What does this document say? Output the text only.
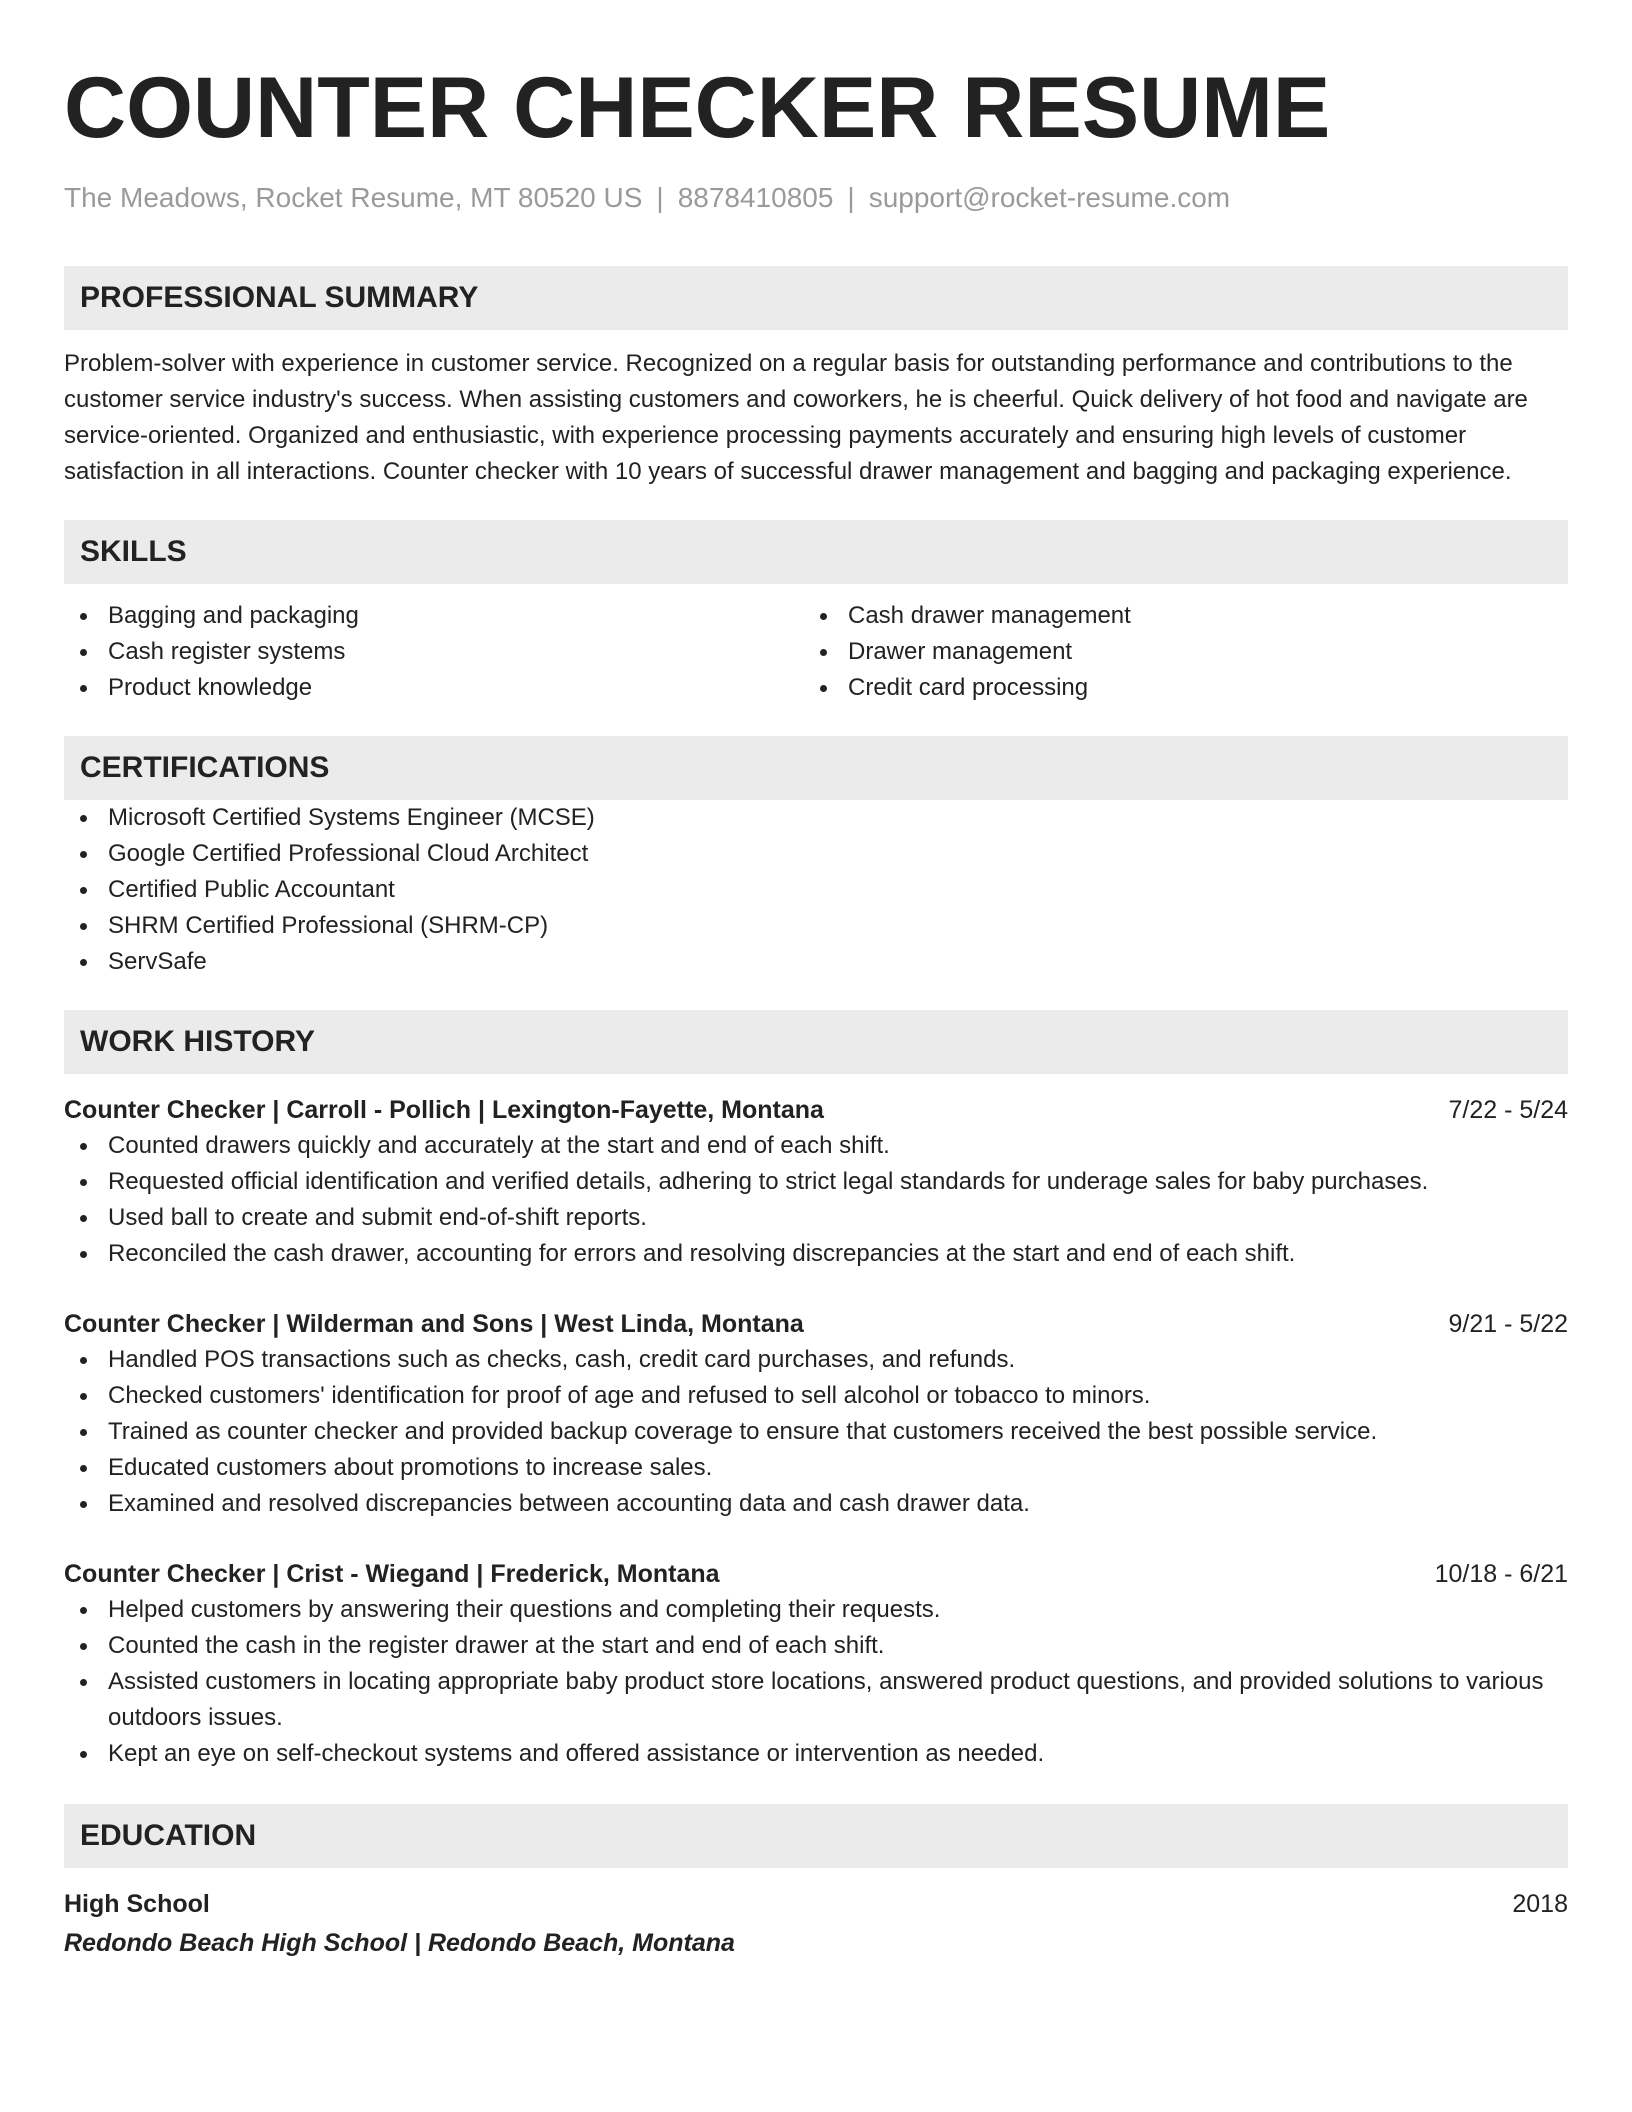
COUNTER CHECKER RESUME
The Meadows, Rocket Resume, MT 80520 US | 8878410805 | support@rocket-resume.com
PROFESSIONAL SUMMARY
Problem-solver with experience in customer service. Recognized on a regular basis for outstanding performance and contributions to the customer service industry's success. When assisting customers and coworkers, he is cheerful. Quick delivery of hot food and navigate are service-oriented. Organized and enthusiastic, with experience processing payments accurately and ensuring high levels of customer satisfaction in all interactions. Counter checker with 10 years of successful drawer management and bagging and packaging experience.
SKILLS
Bagging and packaging
Cash register systems
Product knowledge
Cash drawer management
Drawer management
Credit card processing
CERTIFICATIONS
Microsoft Certified Systems Engineer (MCSE)
Google Certified Professional Cloud Architect
Certified Public Accountant
SHRM Certified Professional (SHRM-CP)
ServSafe
WORK HISTORY
Counter Checker | Carroll - Pollich | Lexington-Fayette, Montana	7/22 - 5/24
Counted drawers quickly and accurately at the start and end of each shift.
Requested official identification and verified details, adhering to strict legal standards for underage sales for baby purchases.
Used ball to create and submit end-of-shift reports.
Reconciled the cash drawer, accounting for errors and resolving discrepancies at the start and end of each shift.
Counter Checker | Wilderman and Sons | West Linda, Montana	9/21 - 5/22
Handled POS transactions such as checks, cash, credit card purchases, and refunds.
Checked customers' identification for proof of age and refused to sell alcohol or tobacco to minors.
Trained as counter checker and provided backup coverage to ensure that customers received the best possible service.
Educated customers about promotions to increase sales.
Examined and resolved discrepancies between accounting data and cash drawer data.
Counter Checker | Crist - Wiegand | Frederick, Montana	10/18 - 6/21
Helped customers by answering their questions and completing their requests.
Counted the cash in the register drawer at the start and end of each shift.
Assisted customers in locating appropriate baby product store locations, answered product questions, and provided solutions to various outdoors issues.
Kept an eye on self-checkout systems and offered assistance or intervention as needed.
EDUCATION
High School	2018
Redondo Beach High School | Redondo Beach, Montana
